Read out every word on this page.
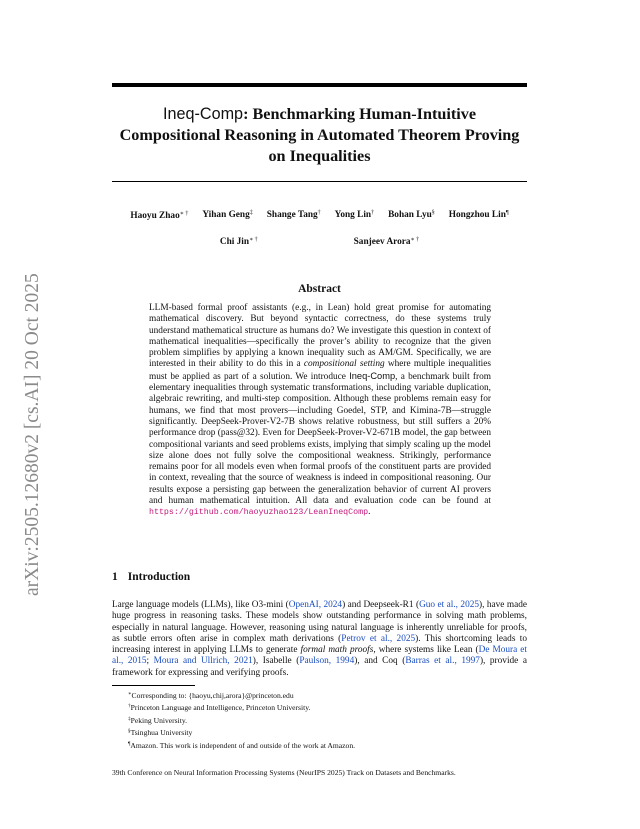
arXiv:2505.12680v2 [cs.AI] 20 Oct 2025
Ineq-Comp: Benchmarking Human-Intuitive Compositional Reasoning in Automated Theorem Proving on Inequalities
Haoyu Zhao∗ † Yihan Geng‡ Shange Tang† Yong Lin† Bohan Lyu§ Hongzhou Lin¶
Chi Jin∗ †	Sanjeev Arora∗ †
Abstract

LLM-based formal proof assistants (e.g., in Lean) hold great promise for automating mathematical discovery. But beyond syntactic correctness, do these systems truly understand mathematical structure as humans do? We investigate this question in context of mathematical inequalities—specifically the prover’s ability to recognize that the given problem simplifies by applying a known inequality such as AM/GM. Specifically, we are interested in their ability to do this in a compositional setting where multiple inequalities must be applied as part of a solution. We introduce Ineq-Comp, a benchmark built from elementary inequalities through systematic transformations, including variable duplication, algebraic rewriting, and multi-step composition. Although these problems remain easy for humans, we find that most provers—including Goedel, STP, and Kimina-7B—struggle significantly. DeepSeek-Prover-V2-7B shows relative robustness, but still suffers a 20% performance drop (pass@32). Even for DeepSeek-Prover-V2-671B model, the gap between compositional variants and seed problems exists, implying that simply scaling up the model size alone does not fully solve the compositional weakness. Strikingly, performance remains poor for all models even when formal proofs of the constituent parts are provided in context, revealing that the source of weakness is indeed in compositional reasoning. Our results expose a persisting gap between the generalization behavior of current AI provers and human mathematical intuition. All data and evaluation code can be found at https://github.com/haoyuzhao123/LeanIneqComp.

1 Introduction

Large language models (LLMs), like O3-mini (OpenAI, 2024) and Deepseek-R1 (Guo et al., 2025), have made huge progress in reasoning tasks. These models show outstanding performance in solving math problems, especially in natural language. However, reasoning using natural language is inherently unreliable for proofs, as subtle errors often arise in complex math derivations (Petrov et al., 2025). This shortcoming leads to increasing interest in applying LLMs to generate formal math proofs, where systems like Lean (De Moura et al., 2015; Moura and Ullrich, 2021), Isabelle (Paulson, 1994), and Coq (Barras et al., 1997), provide a framework for expressing and verifying proofs.

∗Corresponding to: {haoyu,chij,arora}@princeton.edu
†Princeton Language and Intelligence, Princeton University.
‡Peking University.
§Tsinghua University
¶Amazon. This work is independent of and outside of the work at Amazon.
39th Conference on Neural Information Processing Systems (NeurIPS 2025) Track on Datasets and Benchmarks.
